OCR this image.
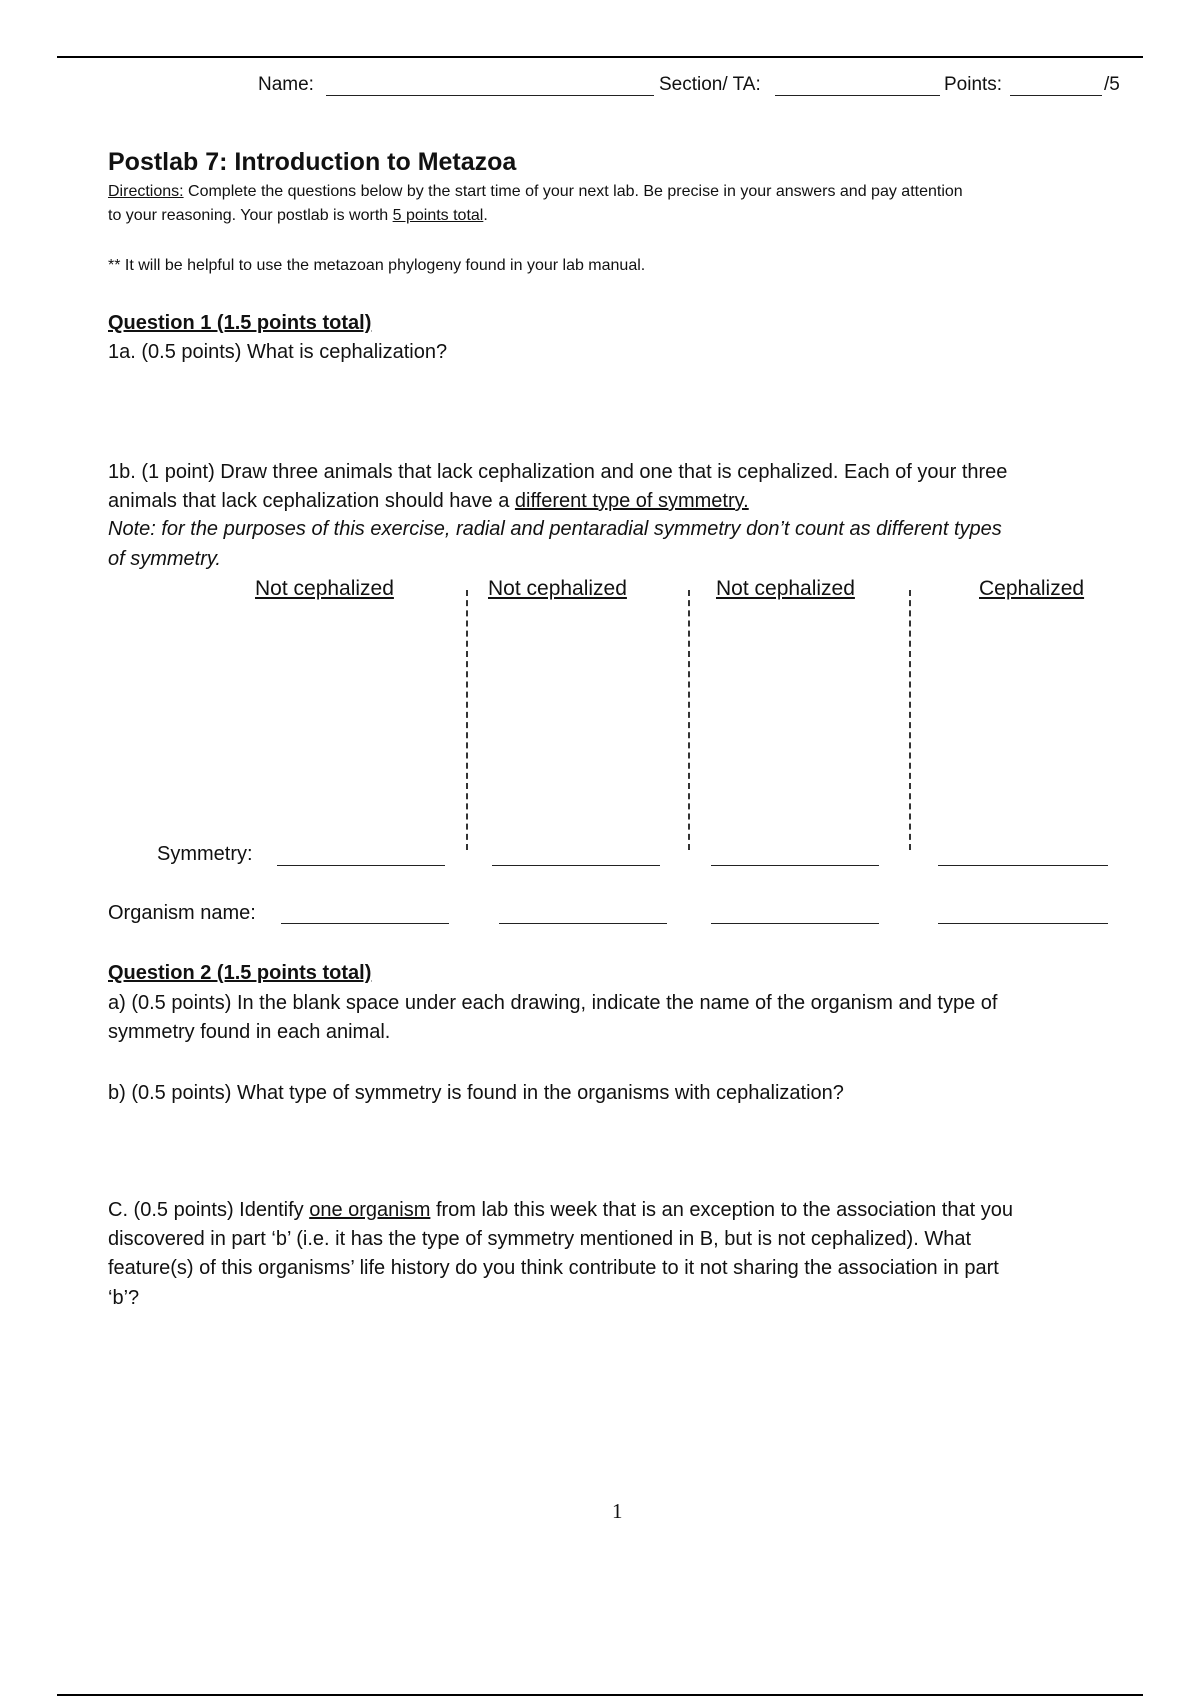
Name:	Section/ TA:	Points:	/5
Postlab 7: Introduction to Metazoa
Directions: Complete the questions below by the start time of your next lab. Be precise in your answers and pay attention
to your reasoning. Your postlab is worth 5 points total.
** It will be helpful to use the metazoan phylogeny found in your lab manual.
Question 1 (1.5 points total)
1a. (0.5 points) What is cephalization?
1b. (1 point) Draw three animals that lack cephalization and one that is cephalized. Each of your three
animals that lack cephalization should have a different type of symmetry.
Note: for the purposes of this exercise, radial and pentaradial symmetry don’t count as different types
of symmetry.
Not cephalized	Not cephalized	Not cephalized	Cephalized
Symmetry:
Organism name:
Question 2 (1.5 points total)
a) (0.5 points) In the blank space under each drawing, indicate the name of the organism and type of
symmetry found in each animal.
b) (0.5 points) What type of symmetry is found in the organisms with cephalization?
C. (0.5 points) Identify one organism from lab this week that is an exception to the association that you
discovered in part ‘b’ (i.e. it has the type of symmetry mentioned in B, but is not cephalized). What
feature(s) of this organisms’ life history do you think contribute to it not sharing the association in part
‘b’?
1
